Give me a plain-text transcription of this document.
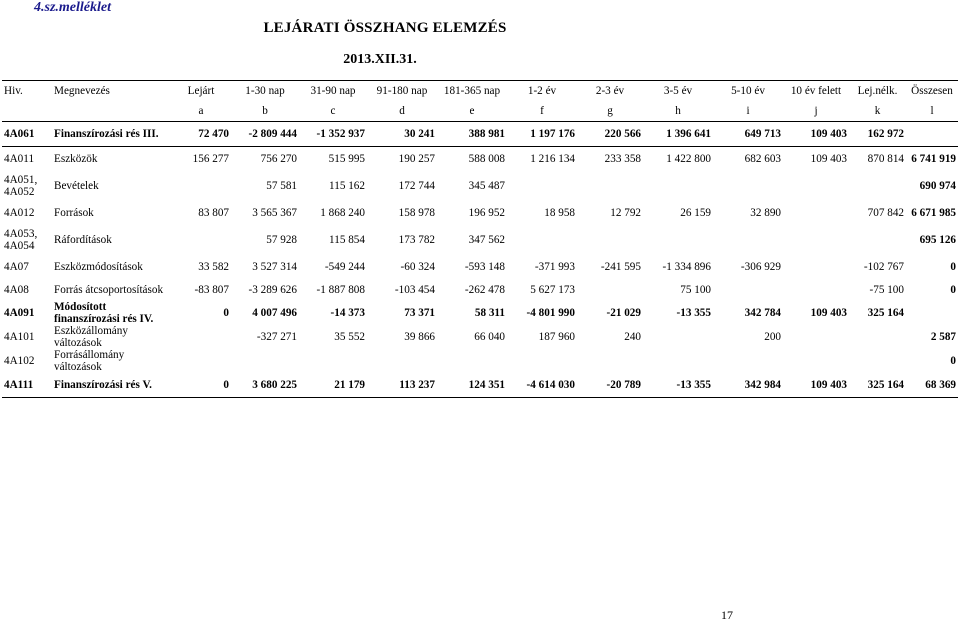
4.sz.melléklet
LEJÁRATI ÖSSZHANG ELEMZÉS
2013.XII.31.
Hiv.	Megnevezés	Lejárt	1-30 nap	31-90 nap	91-180 nap	181-365 nap	1-2 év	2-3 év	3-5 év	5-10 év	10 év felett	Lej.nélk.	Összesen
		a	b	c	d	e	f	g	h	i	j	k	l
4A061	Finanszírozási rés III.	72 470	-2 809 444	-1 352 937	30 241	388 981	1 197 176	220 566	1 396 641	649 713	109 403	162 972	
4A011	Eszközök	156 277	756 270	515 995	190 257	588 008	1 216 134	233 358	1 422 800	682 603	109 403	870 814	6 741 919
4A051, 4A052	Bevételek		57 581	115 162	172 744	345 487							690 974
4A012	Források	83 807	3 565 367	1 868 240	158 978	196 952	18 958	12 792	26 159	32 890		707 842	6 671 985
4A053, 4A054	Ráfordítások		57 928	115 854	173 782	347 562							695 126
4A07	Eszközmódosítások	33 582	3 527 314	-549 244	-60 324	-593 148	-371 993	-241 595	-1 334 896	-306 929		-102 767	0
4A08	Forrás átcsoportosítások	-83 807	-3 289 626	-1 887 808	-103 454	-262 478	5 627 173		75 100			-75 100	0
4A091	Módosított finanszírozási rés IV.	0	4 007 496	-14 373	73 371	58 311	-4 801 990	-21 029	-13 355	342 784	109 403	325 164	
4A101	Eszközállomány változások		-327 271	35 552	39 866	66 040	187 960	240		200			2 587
4A102	Forrásállomány változások												0
4A111	Finanszírozási rés V.	0	3 680 225	21 179	113 237	124 351	-4 614 030	-20 789	-13 355	342 984	109 403	325 164	68 369
17
